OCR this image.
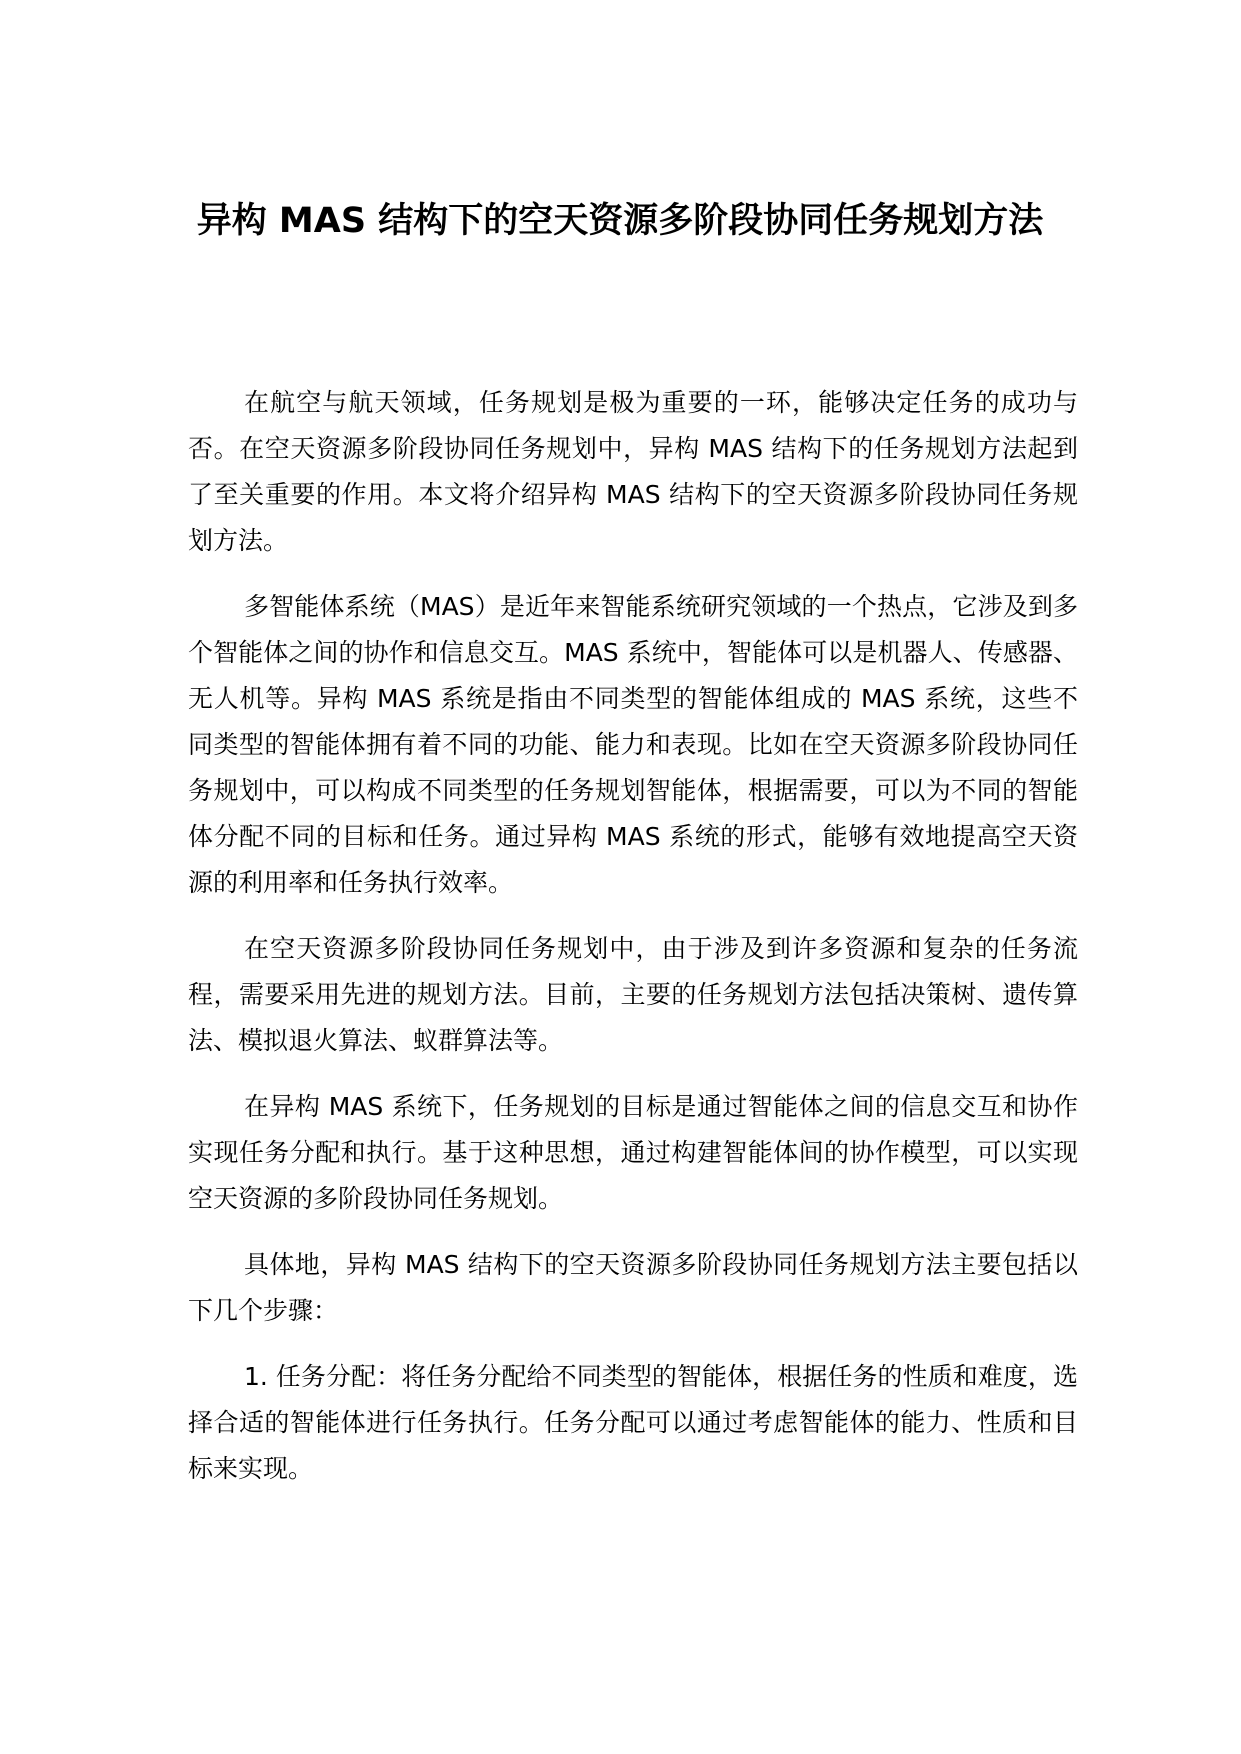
异构 MAS 结构下的空天资源多阶段协同任务规划方法

在航空与航天领域，任务规划是极为重要的一环，能够决定任务的成功与否。在空天资源多阶段协同任务规划中，异构 MAS 结构下的任务规划方法起到了至关重要的作用。本文将介绍异构 MAS 结构下的空天资源多阶段协同任务规划方法。

多智能体系统（MAS）是近年来智能系统研究领域的一个热点，它涉及到多个智能体之间的协作和信息交互。MAS 系统中，智能体可以是机器人、传感器、无人机等。异构 MAS 系统是指由不同类型的智能体组成的 MAS 系统，这些不同类型的智能体拥有着不同的功能、能力和表现。比如在空天资源多阶段协同任务规划中，可以构成不同类型的任务规划智能体，根据需要，可以为不同的智能体分配不同的目标和任务。通过异构 MAS 系统的形式，能够有效地提高空天资源的利用率和任务执行效率。

在空天资源多阶段协同任务规划中，由于涉及到许多资源和复杂的任务流程，需要采用先进的规划方法。目前，主要的任务规划方法包括决策树、遗传算法、模拟退火算法、蚁群算法等。

在异构 MAS 系统下，任务规划的目标是通过智能体之间的信息交互和协作实现任务分配和执行。基于这种思想，通过构建智能体间的协作模型，可以实现空天资源的多阶段协同任务规划。

具体地，异构 MAS 结构下的空天资源多阶段协同任务规划方法主要包括以下几个步骤：

1. 任务分配：将任务分配给不同类型的智能体，根据任务的性质和难度，选择合适的智能体进行任务执行。任务分配可以通过考虑智能体的能力、性质和目标来实现。
